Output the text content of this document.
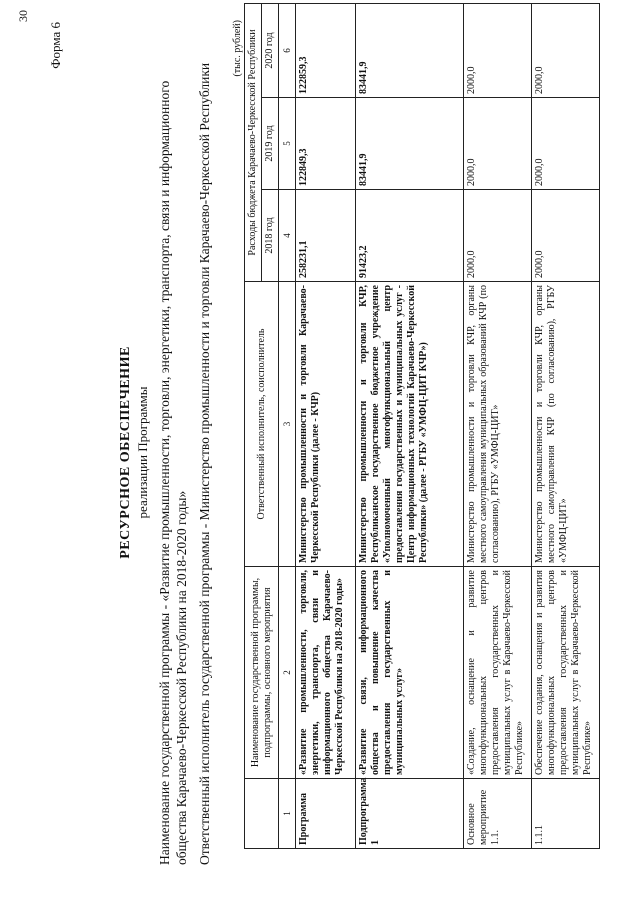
30
Форма 6
РЕСУРСНОЕ ОБЕСПЕЧЕНИЕ реализации Программы Наименование государственной программы - «Развитие промышленности, торговли, энергетики, транспорта, связи и информационного общества Карачаево-Черкесской Республики на 2018-2020 годы» Ответственный исполнитель государственной программы - Министерство промышленности и торговли Карачаево-Черкесской Республики
(тыс. рублей)
	Наименование государственной программы, подпрограммы, основного мероприятия	Ответственный исполнитель, соисполнитель	Расходы бюджета Карачаево-Черкесской Республики		
			2018 год	2019 год	2020 год
1	2	3	4	5	6
Программа	«Развитие промышленности, торговли, энергетики, транспорта, связи и информационного общества Карачаево-Черкесской Республики на 2018-2020 годы»	Министерство промышленности и торговли Карачаево-Черкесской Республики (далее - КЧР)	258231,1	122849,3	122859,3
Подпрограмма 1	«Развитие связи, информационного общества и повышение качества предоставления государственных и муниципальных услуг»	Министерство промышленности и торговли КЧР, Республиканское государственное бюджетное учреждение «Уполномоченный многофункциональный центр предоставления государственных и муниципальных услуг - Центр информационных технологий Карачаево-Черкесской Республики» (далее - РГБУ «УМФЦ-ЦИТ КЧР»)	91423,2	83441,9	83441,9
Основное мероприятие 1.1.	«Создание, оснащение и развитие многофункциональных центров предоставления государственных и муниципальных услуг в Карачаево-Черкесской Республике»	Министерство промышленности и торговли КЧР, органы местного самоуправления муниципальных образований КЧР (по согласованию), РГБУ «УМФЦ-ЦИТ»	2000,0	2000,0	2000,0
1.1.1	Обеспечение создания, оснащения и развития многофункциональных центров предоставления государственных и муниципальных услуг в Карачаево-Черкесской Республике»	Министерство промышленности и торговли КЧР, органы местного самоуправления КЧР (по согласованию), РГБУ «УМФЦ-ЦИТ»	2000,0	2000,0	2000,0
